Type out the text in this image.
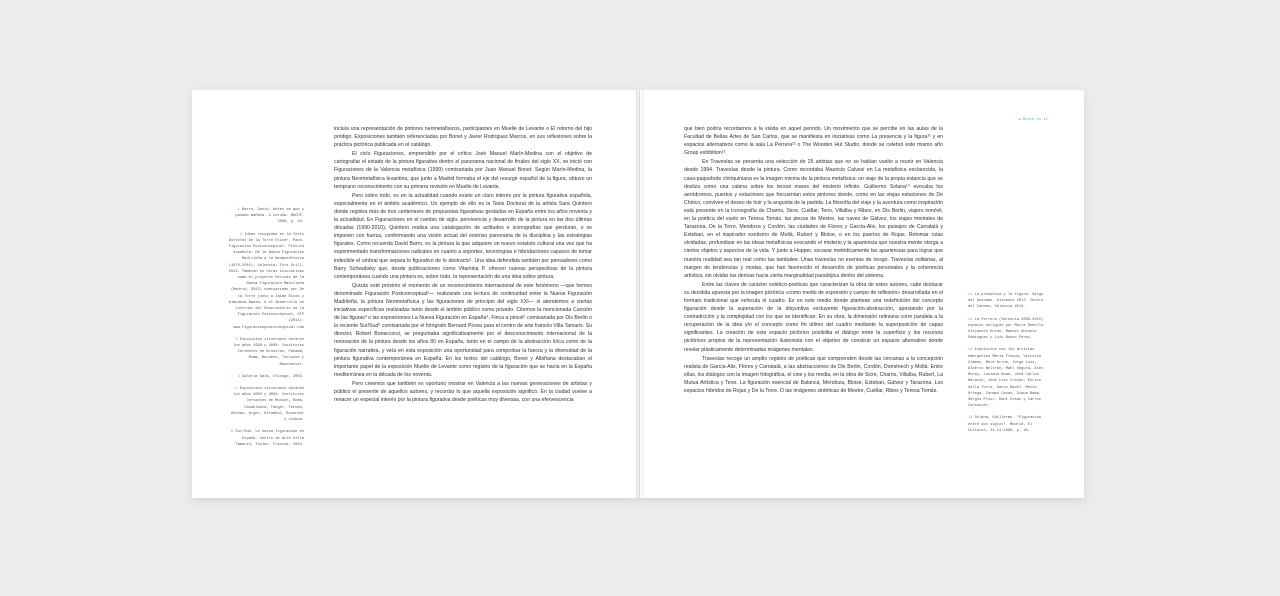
1 Barro, David. Antes de que y pasado mañana. A Coruña. MACUF, 2009, p. 16.
2 Ideas recogidas en la Tesis Doctoral De la Torre Oliver, Paco. Figuración Postconceptual. Pintura española: De la Nueva Figuración Madrileña a la Neometafísica (1970-2010). Valencia, Pire Drill, 2013. También en otras iniciativas como el proyecto Derivas de la Nueva Figuración Madrileña (Madrid, 2013) comisariado por De la Torre junto a Jaime Rivas y Almudena Baeza, o el desarrollo en internet del Observatorio de la Figuración Postconceptual, OFP (2014): www.figuracionpostconceptual.com
3 Exposición itinerante durante los años 1999 y 2000: Institutos Cervantes de Bruselas, Panamá, Roma, Burdeos, Toulouse y Manchester.
4 Galería Gala, Chicago, 2003.
5 Exposición itinerante durante los años 2003 y 2004: Institutos Cervantes de Munich, Roma, Casablanca, Tanger, Tetuán, Atenas, Argel, Estambul, Bucarest y Lisboa.
6 Sur/Sud. La nueva figuración en España. Centro de Arte Villa Tamaris, Toulon. Francia. 2013.

incluía una representación de pintores neometafísicos, participantes en Muelle de Levante o El retorno del hijo pródigo. Exposiciones también referenciadas por Bonet y Javier Rodríguez Marcos, en sus reflexiones sobre la práctica pictórica publicada en el catálogo.

El ciclo Figuraciones, emprendido por el crítico José Manuel Marín-Medina con el objetivo de cartografiar el estado de la pintura figurativa dentro el panorama nacional de finales del siglo XX, se inició con Figuraciones de la Valencia metafísica (1999) comisariada por Juan Manuel Bonet. Según Marín-Medina, la pintura Neometafísica levantina, que junto a Madrid formaba el eje del resurgir español de la figura, obtuvo un temprano reconocimiento con su primera revisión en Muelle de Levante.

Pero sobre todo, es en la actualidad cuando existe un claro interés por la pintura figurativa española, especialmente en el ámbito académico. Un ejemplo de ello es la Tesis Doctoral de la artista Sara Quintero donde registra más de tres centenares de propuestas figurativas gestadas en España entre los años noventa y la actualidad. En Figuraciones en el cambio de siglo, pervivencia y desarrollo de la pintura en las dos últimas décadas (1990-2010), Quintero realiza una catalogación de actitudes e iconografías que perduran, o se imponen con fuerza, conformando una visión actual del extenso panorama de la disciplina y las estrategias figurales. Como recuerda David Barro, es la pintura la que adquiere un nuevo estatuto cultural una vez que ha experimentado transformaciones radicales en cuanto a soportes, tecnologías e hibridaciones capaces de tomar indecible el umbral que separa lo figurativo de lo abstracto¹. Una idea defendida también por pensadores como Barry Schwabsky que, desde publicaciones como Vitamina P, ofrecen nuevas perspectivas de la pintura contemporánea cuando una pintura es, sobre todo, la representación de una idea sobre pintura.

Quizás esté próximo el momento de un reconocimiento internacional de este fenómeno —que hemos denominado Figuración Postconceptual²— realizando una lectura de continuidad entre la Nueva Figuración Madrileña, la pintura Neometafísica y las figuraciones de principio del siglo XXI— si atendemos a ciertas iniciativas específicas realizadas tanto desde el ámbito público como privado. Citemos la mencionada Canción de las figuras³ o las exposiciones La Nueva Figuración en España⁴, Finca a pincel⁵ comisariada por Dis Berlin o la reciente Sur/Sud⁶ comisariada por el fotógrafo Bernard Possu para el centro de arte francés Villa Tamaris. Su director, Robert Bonaccorsi, se preguntaba significativamente por el desconocimiento internacional de la renovación de la pintura desde los años 80 en España, tanto en el campo de la abstracción lírica como de la figuración narrativa, y veía en esta exposición una oportunidad para comprobar la fuerza y la diversidad de la pintura figurativa contemporánea en España. En los textos del catálogo, Bonet y Albiñana destacaban el importante papel de la exposición Muelle de Levante como registro de la figuración que se hacía en la España mediterránea en la década de los noventa.

Pero creemos que también es oportuno mostrar en Valencia a las nuevas generaciones de artistas y público el presente de aquellos autores, y recordar lo que aquella exposición significó. En la ciudad vuelve a renacer un especial interés por la pintura figurativa desde poéticas muy diversas, con una efervescencia

a Mouth to it

que bien podría recordarnos a la vivida en aquel periodo. Un movimiento que se percibe en las aulas de la Facultad de Bellas Artes de San Carlos, que se manifiesta en iniciativas como La presencia y la figura¹¹ y en espacios alternativos como la sala La Perrera¹² o The Wooden Hut Studio, donde se celebró este mismo año Group exhibition¹³.

En Travesías se presenta una selección de 25 artistas que no se habían vuelto a reunir en Valencia desde 1994. Travesías desde la pintura. Como recordaba Mauricio Calvesi en La metafisica esclarecida, la casa-paquebote chiriquiniana es la imagen misma de la pintura metafísica: un viaje de la propia estancia que se desliza como una cabina sobre los tersos mares del misterio infinito. Guillermo Solana¹⁴ evocaba los aeródromos, puertos y estaciones que frecuentan estos pintores donde, como en las viejas estaciones de De Chirico, conviven el deseo de huir y la angustia de la partida. La filosofía del viaje y la aventura como inspiración está presente en la iconografía de Charris, Sicre, Cuéllar, Teno, Villalba y Ribes, en Dis Berlin, viajero inmóvil, en la poética del vuelo en Teresa Tomás, las piezas de Mestre, las naves de Gálvez, los viajes mentales de Tarazona, De la Torre, Mendoza y Cordón, las ciudades de Flores y García-Alix, los paisajes de Carratalá y Esteban, en el inspirador exotismo de Mollá, Rubert y Bloise, o en los puertos de Rojas. Retomar rutas olvidadas, profundizar en las ideas metafísicas evocando el misterio y la apariencia que nuestra mente otorga a ciertos objetos y aspectos de la vida. Y junto a Hopper, socavar metódicamente las apariencias para lograr que nuestra realidad sea tan real como las tambalee. Unas travesías no exentas de riesgo. Travesías solitarias, al margen de tendencias y modas, que han favorecido el desarrollo de poéticas personales y la coherencia artística, sin olvidar las derivas hacia cierta marginalidad paradójica dentro del sistema.

Entre las claves de carácter estético-poéticas que caracterizan la obra de estos autores, cabe destacar su decidida apuesta por la imagen pictórica «como medio de expresión y campo de reflexión» desarrollada en el formato tradicional que vehicula el cuadro. Es en este medio donde plantean una redefinición del concepto figuración desde la superación de la disyuntiva excluyente figuración-abstracción, apostando por la contradicción y la complejidad con los que se identifican. En su obra, la dimensión retiniana corre paralela a la recuperación de la idea y/o el concepto como fin último del cuadro mediante la superposición de capas significantes. La creación de este espacio pictórico posibilita el diálogo entre la superficie y los recursos pictóricos propios de la representación ilusionista con el objetivo de construir un espacio alternativo donde revelar plásticamente determinadas imágenes mentales.

Travesías recoge un amplio registro de poéticas que comprenden desde las cercanas a la concepción realista de García-Alix, Flores y Carratalá, a las abstracciones de Dis Berlin, Cordón, Doménech y Mollá. Entre ellas, los diálogos con la imagen fotográfica, el cine y los media, en la obra de Sicre, Charris, Villalba, Rubert, La Mutua Artística y Teno. La figuración esencial de Balancá, Mendoza, Bloise, Esteban, Gálvez y Tarazona. Los espacios híbridos de Rojas y De la Torre. O las imágenes sintéticas de Mestre, Cuéllar, Ribes y Teresa Tomás.

11 La presencia y la figura. Sargo del pescado. Alicante 2012. Centro del Carmen, Valencia 2013.
12 La Perrera (Valencia 2009-2015) espacio dirigido por Marta Rebollo, Alejandro Duran, Manuel Antonio Dominguez y Luis Bueno Pérez.
13 Exposición con los artistas emergentes Maria Freaud, Victoria Zlamon, Mora Arrue, Jorge Luiz, Alberto Beltrán, Maël Segura, Alex Morey, Luciana Huan, José Carlos Naranjo, José Luis Crespo, Enrico della Torre, Aaron Bavel, Mette Ortega, Carmen Casas, Diana Bama, Sergio Prior, Dani Cosas y Carlos Carsonier.
14 Solana, Guillermo. "Figuración entre dos siglos". Madrid, El Cultural, 21-11-1999, p. 46.
